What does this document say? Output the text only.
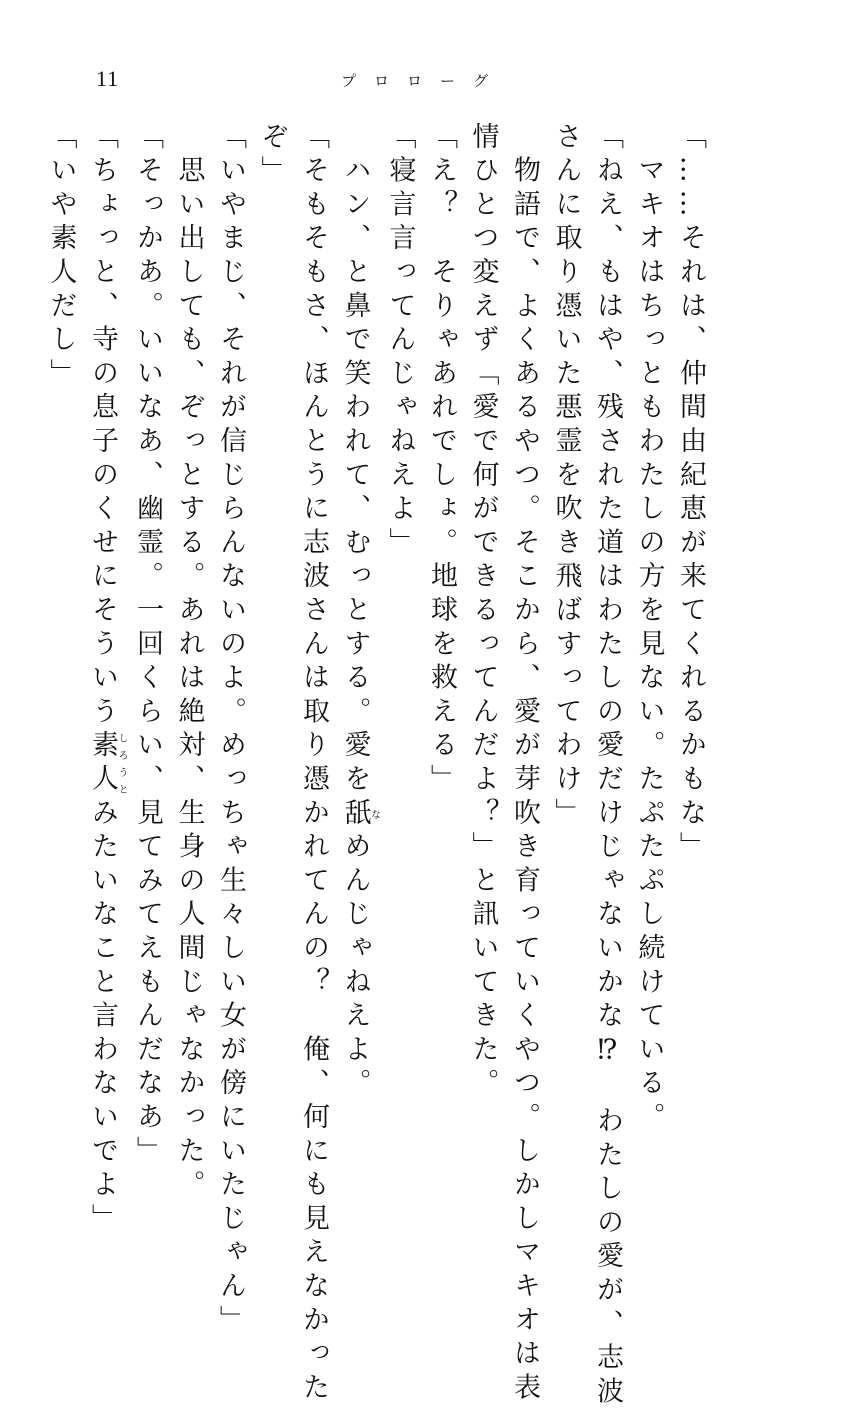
11	プロローグ
「……それは、仲間由紀恵が来てくれるかもな」
　マキオはちっともわたしの方を見ない。たぷたぷし続けている。
「ねえ、もはや、残された道はわたしの愛だけじゃないかな⁉　わたしの愛が、志波
さんに取り憑いた悪霊を吹き飛ばすってわけ」
　物語で、よくあるやつ。そこから、愛が芽吹き育っていくやつ。しかしマキオは表
情ひとつ変えず「愛で何ができるってんだよ？」と訊いてきた。
「え？　そりゃあれでしょ。地球を救える」
「寝言言ってんじゃねえよ」
　ハン、と鼻で笑われて、むっとする。愛を舐なめんじゃねえよ。
「そもそもさ、ほんとうに志波さんは取り憑かれてんの？　俺、何にも見えなかった
ぞ」
「いやまじ、それが信じらんないのよ。めっちゃ生々しい女が傍にいたじゃん」
　思い出しても、ぞっとする。あれは絶対、生身の人間じゃなかった。
「そっかあ。いいなあ、幽霊。一回くらい、見てみてえもんだなあ」
「ちょっと、寺の息子のくせにそういう素人しろうとみたいなこと言わないでよ」
「いや素人だし」
